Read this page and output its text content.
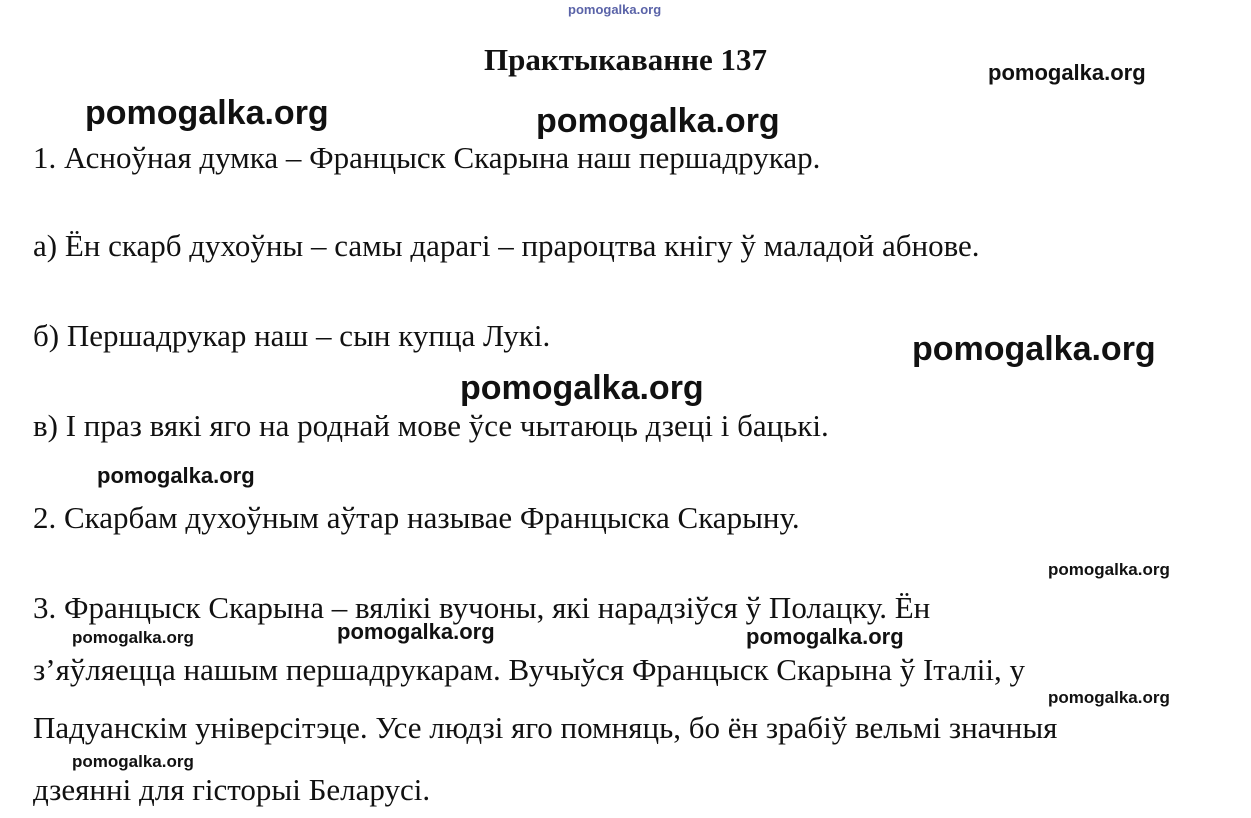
pomogalka.org
Практыкаванне 137	pomogalka.org
pomogalka.org	pomogalka.org
1. Асноўная думка – Францыск Скарына наш першадрукар.
а) Ён скарб духоўны – самы дарагі – прароцтва кнігу ў маладой абнове.
б) Першадрукар наш – сын купца Лукі.	pomogalka.org
pomogalka.org
в) І праз вякі яго на роднай мове ўсе чытаюць дзеці і бацькі.
pomogalka.org
2. Скарбам духоўным аўтар называе Францыска Скарыну.
pomogalka.org
3. Францыск Скарына – вялікі вучоны, які нарадзіўся ў Полацку. Ён
pomogalka.org	pomogalka.org	pomogalka.org
з’яўляецца нашым першадрукарам. Вучыўся Францыск Скарына ў Італіі, у
pomogalka.org
Падуанскім універсітэце. Усе людзі яго помняць, бо ён зрабіў вельмі значныя
pomogalka.org
дзеянні для гісторыі Беларусі.
